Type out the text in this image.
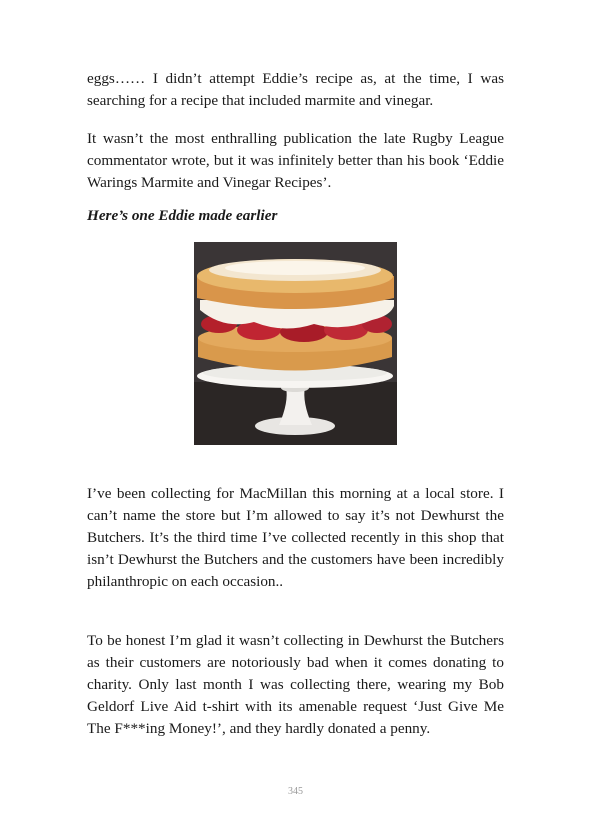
eggs…… I didn’t attempt Eddie’s recipe as, at the time, I was searching for a recipe that included marmite and vinegar.

It wasn’t the most enthralling publication the late Rugby League commentator wrote, but it was infinitely better than his book ‘Eddie Warings Marmite and Vinegar Recipes’.

Here’s one Eddie made earlier

I’ve been collecting for MacMillan this morning at a local store. I can’t name the store but I’m allowed to say it’s not Dewhurst the Butchers. It’s the third time I’ve collected recently in this shop that isn’t Dewhurst the Butchers and the customers have been incredibly philanthropic on each occasion..

To be honest I’m glad it wasn’t collecting in Dewhurst the Butchers as their customers are notoriously bad when it comes donating to charity. Only last month I was collecting there, wearing my Bob Geldorf Live Aid t-shirt with its amenable request ‘Just Give Me The F***ing Money!’, and they hardly donated a penny.

345
